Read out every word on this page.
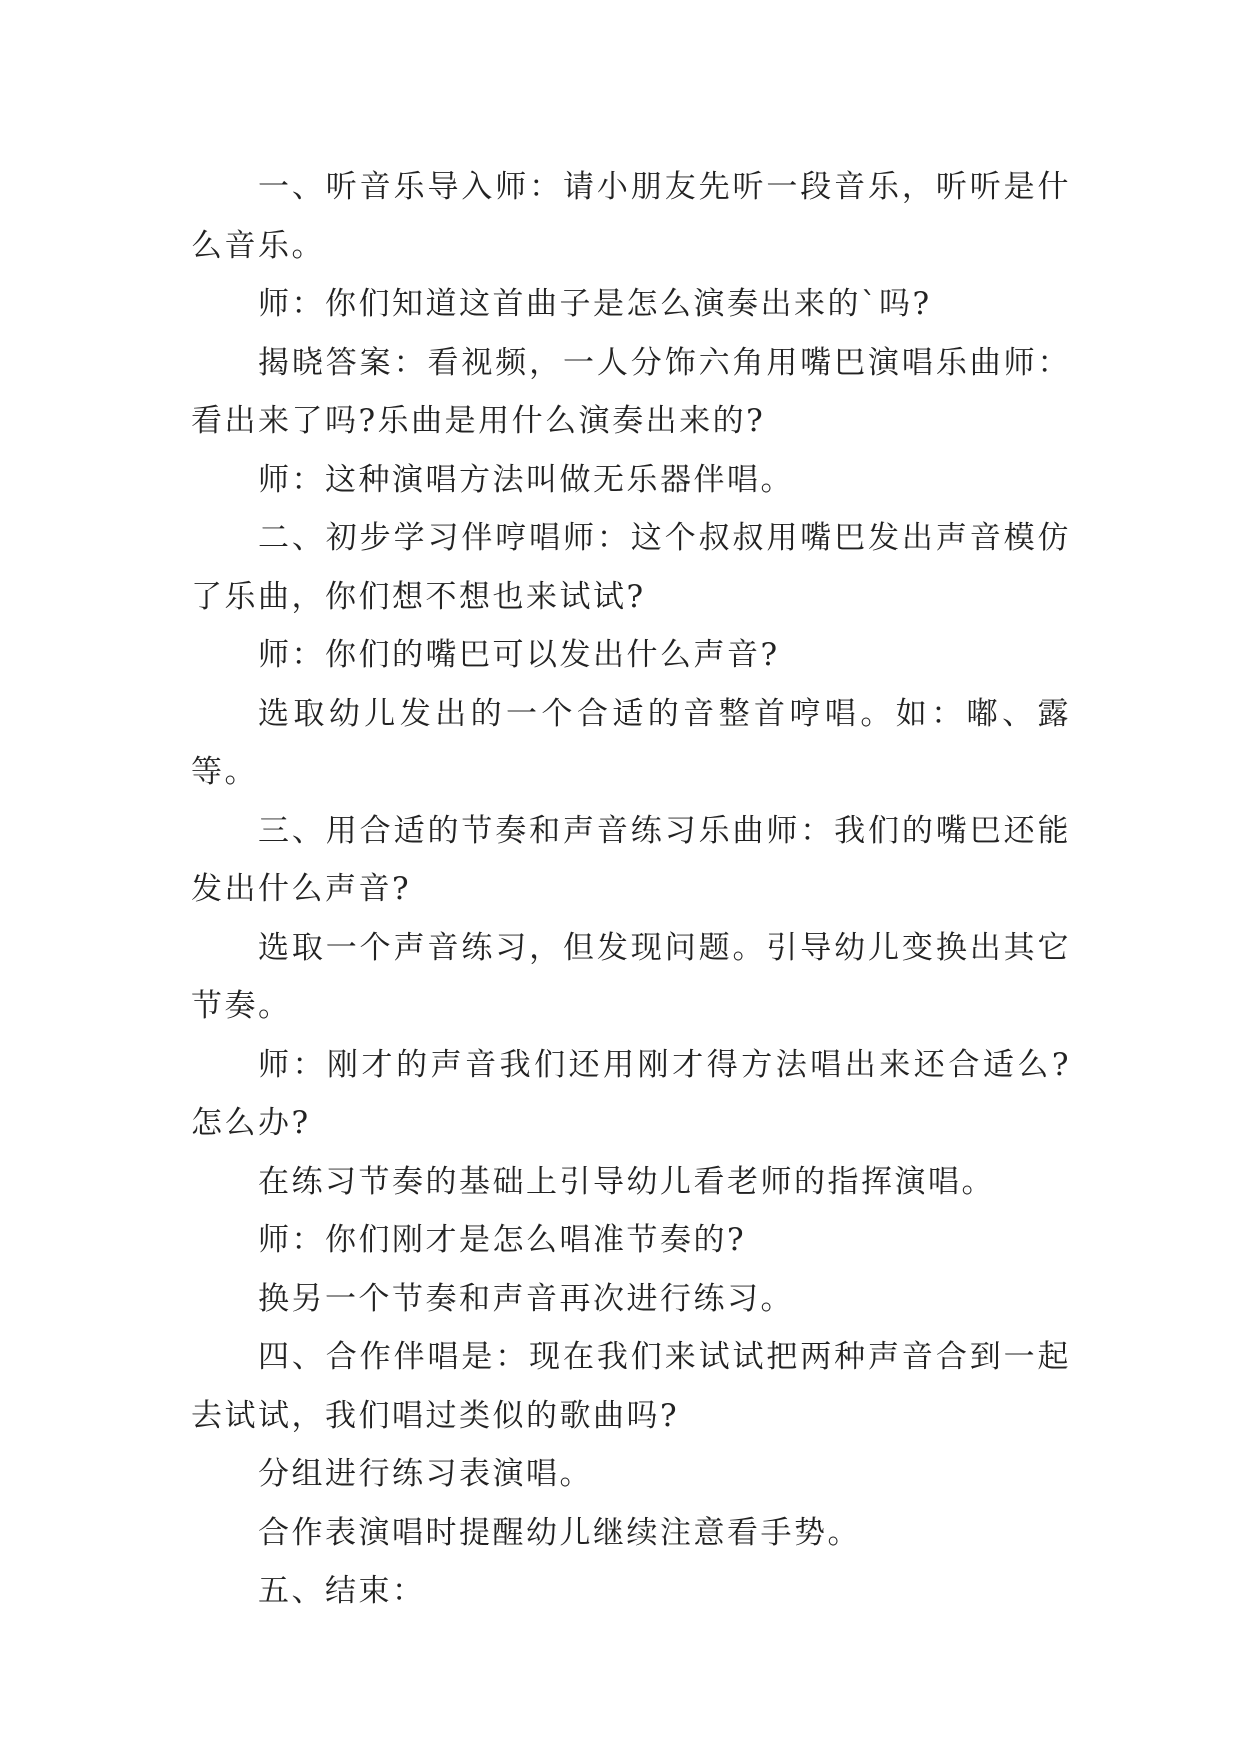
一、听音乐导入师：请小朋友先听一段音乐，听听是什么音乐。

师：你们知道这首曲子是怎么演奏出来的`吗?

揭晓答案：看视频，一人分饰六角用嘴巴演唱乐曲师：看出来了吗?乐曲是用什么演奏出来的?

师：这种演唱方法叫做无乐器伴唱。

二、初步学习伴哼唱师：这个叔叔用嘴巴发出声音模仿了乐曲，你们想不想也来试试?

师：你们的嘴巴可以发出什么声音?

选取幼儿发出的一个合适的音整首哼唱。如：嘟、露等。

三、用合适的节奏和声音练习乐曲师：我们的嘴巴还能发出什么声音?

选取一个声音练习，但发现问题。引导幼儿变换出其它节奏。

师：刚才的声音我们还用刚才得方法唱出来还合适么?怎么办?

在练习节奏的基础上引导幼儿看老师的指挥演唱。

师：你们刚才是怎么唱准节奏的?

换另一个节奏和声音再次进行练习。

四、合作伴唱是：现在我们来试试把两种声音合到一起去试试，我们唱过类似的歌曲吗?

分组进行练习表演唱。

合作表演唱时提醒幼儿继续注意看手势。

五、结束：
